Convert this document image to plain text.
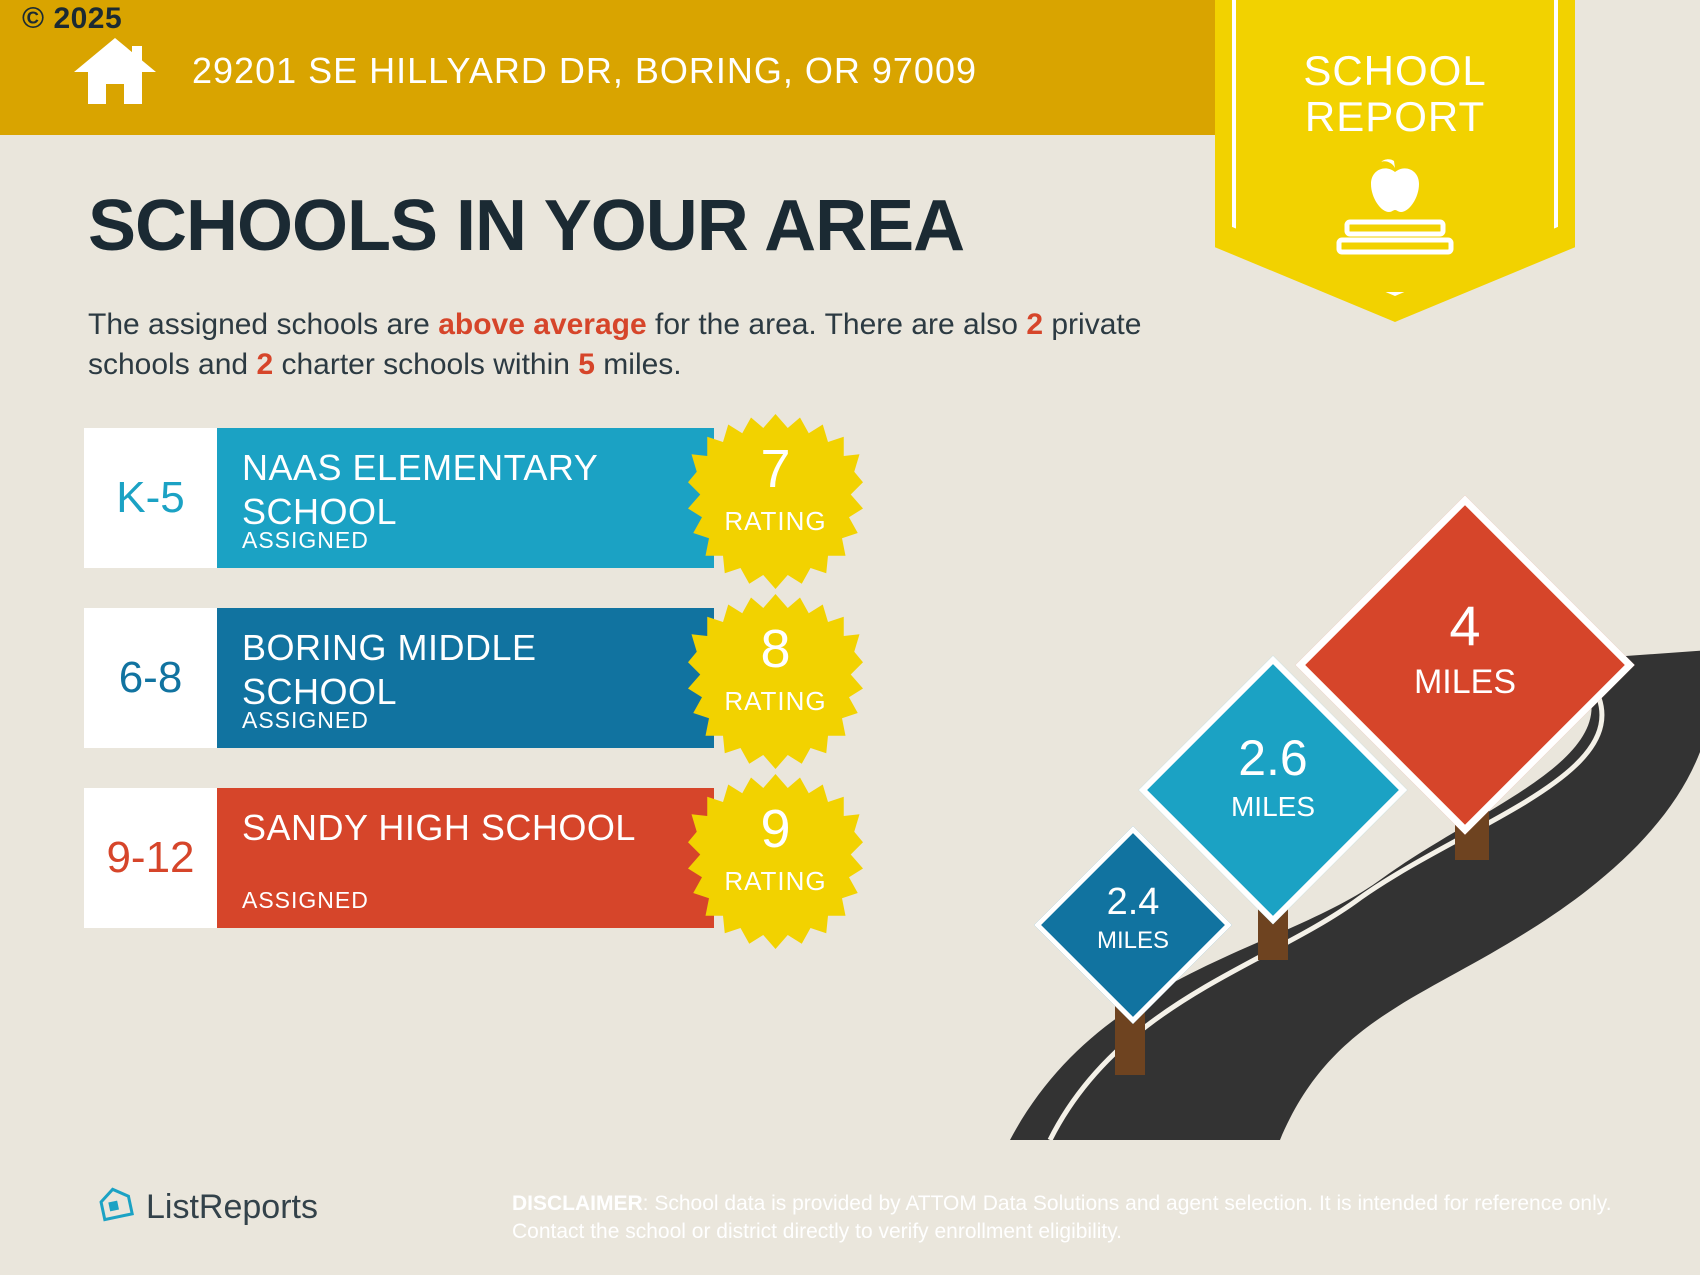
© 2025
29201 SE HILLYARD DR, BORING, OR 97009	SCHOOL
REPORT
SCHOOLS IN YOUR AREA
The assigned schools are above average for the area. There are also 2 private schools and 2 charter schools within 5 miles.
K-5
NAAS ELEMENTARY SCHOOL
ASSIGNED
7
RATING
6-8
BORING MIDDLE SCHOOL
ASSIGNED
8
RATING
9-12
SANDY HIGH SCHOOL
ASSIGNED
9
RATING	2.4
MILES
2.6
MILES
4
MILES
ListReports	DISCLAIMER: School data is provided by ATTOM Data Solutions and agent selection. It is intended for reference only. Contact the school or district directly to verify enrollment eligibility.
